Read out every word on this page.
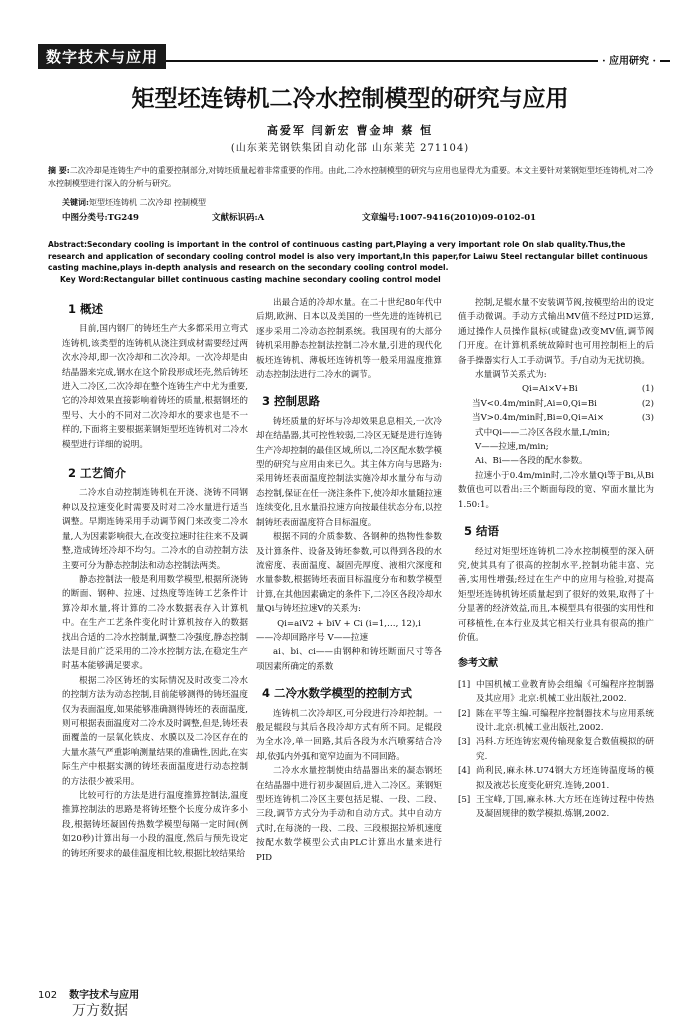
数字技术与应用	· 应用研究 ·
矩型坯连铸机二冷水控制模型的研究与应用
高爱军 闫新宏 曹金坤 蔡 恒
(山东莱芜钢铁集团自动化部 山东莱芜 271104)
摘 要:二次冷却是连铸生产中的重要控制部分,对铸坯质量起着非常重要的作用。由此,二冷水控制模型的研究与应用也显得尤为重要。本文主要针对莱钢矩型坯连铸机,对二冷水控制模型进行深入的分析与研究。
关键词:矩型坯连铸机 二次冷却 控制模型
中图分类号:TG249	文献标识码:A	文章编号:1007-9416(2010)09-0102-01
Abstract:Secondary cooling is important in the control of continuous casting part,Playing a very important role On slab quality.Thus,the research and application of secondary cooling control model is also very important,In this paper,for Laiwu Steel rectangular billet continuous casting machine,plays in-depth analysis and research on the secondary cooling control model.
Key Word:Rectangular billet continuous casting machine secondary cooling control model
1 概述

目前,国内钢厂的铸坯生产大多都采用立弯式连铸机,该类型的连铸机从浇注到成材需要经过两次水冷却,即一次冷却和二次冷却。一次冷却是由结晶器来完成,钢水在这个阶段形成坯壳,然后铸坯进入二冷区,二次冷却在整个连铸生产中尤为重要,它的冷却效果直接影响着铸坯的质量,根据钢坯的型号、大小的不同对二次冷却水的要求也是不一样的,下面将主要根据莱钢矩型坯连铸机对二冷水模型进行详细的说明。

2 工艺简介

二冷水自动控制连铸机在开浇、浇铸不同钢种以及拉速变化时需要及时对二冷水量进行适当调整。早期连铸采用手动调节阀门来改变二冷水量,人为因素影响很大,在改变拉速时往往来不及调整,造成铸坯冷却不均匀。二冷水的自动控制方法主要可分为静态控制法和动态控制法两类。

静态控制法一般是利用数学模型,根据所浇铸的断面、钢种、拉速、过热度等连铸工艺条件计算冷却水量,将计算的二冷水数据表存入计算机中。在生产工艺条件变化时计算机按存入的数据找出合适的二冷水控制量,调整二冷强度,静态控制法是目前广泛采用的二冷水控制方法,在稳定生产时基本能够满足要求。

根据二冷区铸坯的实际情况及时改变二冷水的控制方法为动态控制,目前能够测得的铸坯温度仅为表面温度,如果能够准确测得铸坯的表面温度,则可根据表面温度对二冷水及时调整,但是,铸坯表面覆盖的一层氧化铁皮、水膜以及二冷区存在的大量水蒸气严重影响测量结果的准确性,因此,在实际生产中根据实测的铸坯表面温度进行动态控制的方法很少被采用。

比较可行的方法是进行温度推算控制法,温度推算控制法的思路是将铸坯整个长度分成许多小段,根据铸坯凝固传热数学模型每隔一定时间(例如20秒)计算出每一小段的温度,然后与预先设定的铸坯所要求的最佳温度相比较,根据比较结果给

出最合适的冷却水量。在二十世纪80年代中后期,欧洲、日本以及美国的一些先进的连铸机已逐步采用二冷动态控制系统。我国现有的大部分铸机采用静态控制法控制二冷水量,引进的现代化板坯连铸机、薄板坯连铸机等一般采用温度推算动态控制法进行二冷水的调节。

3 控制思路

铸坯质量的好坏与冷却效果息息相关,一次冷却在结晶器,其可控性较弱,二冷区无疑是进行连铸生产冷却控制的最佳区域,所以,二冷区配水数学模型的研究与应用由来已久。其主体方向与思路为:采用铸坯表面温度控制法实施冷却水量分布与动态控制,保证在任一浇注条件下,使冷却水量随拉速连续变化,且水量沿拉速方向按最佳状态分布,以控制铸坯表面温度符合目标温度。

根据不同的介质参数、各钢种的热物性参数及计算条件、设备及铸坯参数,可以得到各段的水流密度、表面温度、凝固壳厚度、液相穴深度和水量参数,根据铸坯表面目标温度分布和数学模型计算,在其他因素确定的条件下,二冷区各段冷却水量Qi与铸坯拉速V的关系为:

Qi=aiV2 + biV + Ci (i=1,…, 12),i

——冷却回路序号 V——拉速

ai、bi、ci——由钢种和铸坯断面尺寸等各项因素所确定的系数

4 二冷水数学模型的控制方式

连铸机二次冷却区,可分段进行冷却控制。一般足辊段与其后各段冷却方式有所不同。足辊段为全水冷,单一回路,其后各段为水汽喷雾结合冷却,依弧内外弧和宽窄边面为不同回路。

二冷水水量控制使由结晶器出来的凝态钢坯在结晶器中进行初步凝固后,进入二冷区。莱钢矩型坯连铸机二冷区主要包括足辊、一段、二段、三段,调节方式分为手动和自动方式。其中自动方式时,在每浇的一段、二段、三段根据拉矫机速度按配水数学模型公式由PLC计算出水量来进行PID

控制,足辊水量不安装调节阀,按模型给出的设定值手动微调。手动方式输出MV值不经过PID运算,通过操作人员操作鼠标(或键盘)改变MV值,调节阀门开度。在计算机系统故障时也可用控制柜上的后备手操器实行人工手动调节。手/自动为无扰切换。

水量调节关系式为:

Qi=Ai×V+Bi	(1)
当V<0.4m/min时,Ai=0,Qi=Bi	(2)
当V>0.4m/min时,Bi=0,Qi=Ai×	(3)

式中Qi——二冷区各段水量,L/min;

V——拉速,m/min;

Ai、Bi——各段的配水参数。

拉速小于0.4m/min时,二冷水量Qi等于Bi,从Bi数值也可以看出:三个断面每段的宽、窄面水量比为1.50:1。

5 结语

经过对矩型坯连铸机二冷水控制模型的深入研究,使其具有了很高的控制水平,控制功能丰富、完善,实用性增强;经过在生产中的应用与检验,对提高矩型坯连铸机铸坯质量起到了很好的效果,取得了十分显著的经济效益,而且,本模型具有很强的实用性和可移植性,在本行业及其它相关行业具有很高的推广价值。

参考文献

[1] 中国机械工业教育协会组编《可编程序控制器及其应用》北京:机械工业出版社,2002.

[2] 陈在平等主编.可编程序控制器技术与应用系统设计.北京:机械工业出版社,2002.

[3] 冯科.方坯连铸宏观传输现象复合数值模拟的研究.

[4] 尚利民,麻永林.U74钢大方坯连铸温度场的模拟及液芯长度变化研究.连铸,2001.

[5] 王宝峰,丁国,麻永林.大方坯在连铸过程中传热及凝固规律的数学模拟.炼钢,2002.

102 数字技术与应用
万方数据
